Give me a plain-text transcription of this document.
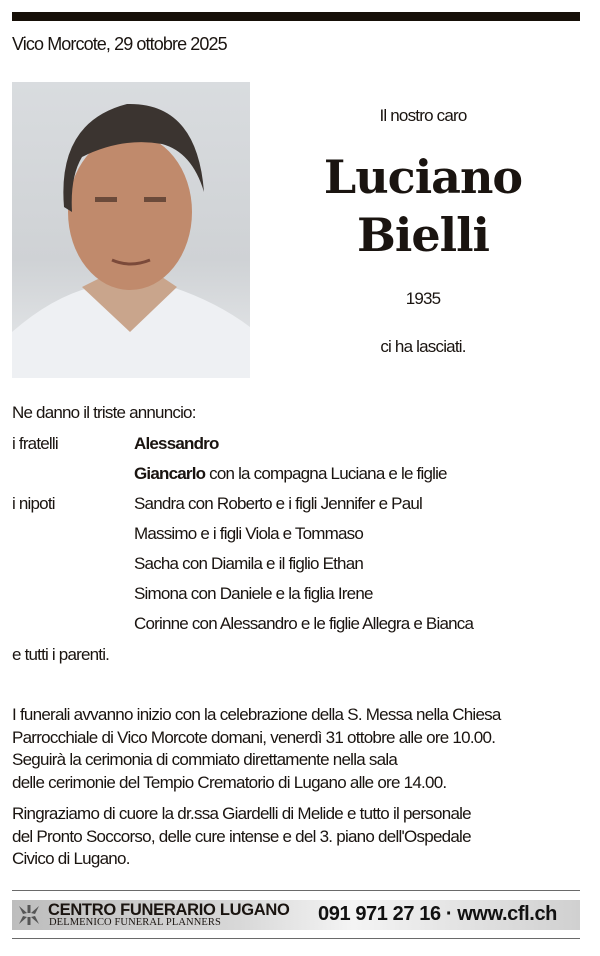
Vico Morcote, 29 ottobre 2025
Il nostro caro
Luciano
Bielli
1935
ci ha lasciati.
Ne danno il triste annuncio:
i fratelli	Alessandro
Giancarlo con la compagna Luciana e le figlie
i nipoti	Sandra con Roberto e i figli Jennifer e Paul
Massimo e i figli Viola e Tommaso
Sacha con Diamila e il figlio Ethan
Simona con Daniele e la figlia Irene
Corinne con Alessandro e le figlie Allegra e Bianca
e tutti i parenti.
I funerali avvanno inizio con la celebrazione della S. Messa nella Chiesa
Parrocchiale di Vico Morcote domani, venerdì 31 ottobre alle ore 10.00.
Seguirà la cerimonia di commiato direttamente nella sala
delle cerimonie del Tempio Crematorio di Lugano alle ore 14.00.
Ringraziamo di cuore la dr.ssa Giardelli di Melide e tutto il personale
del Pronto Soccorso, delle cure intense e del 3. piano dell'Ospedale
Civico di Lugano.
CENTRO FUNERARIO LUGANO
DELMENICO FUNERAL PLANNERS	091 971 27 16 · www.cfl.ch
